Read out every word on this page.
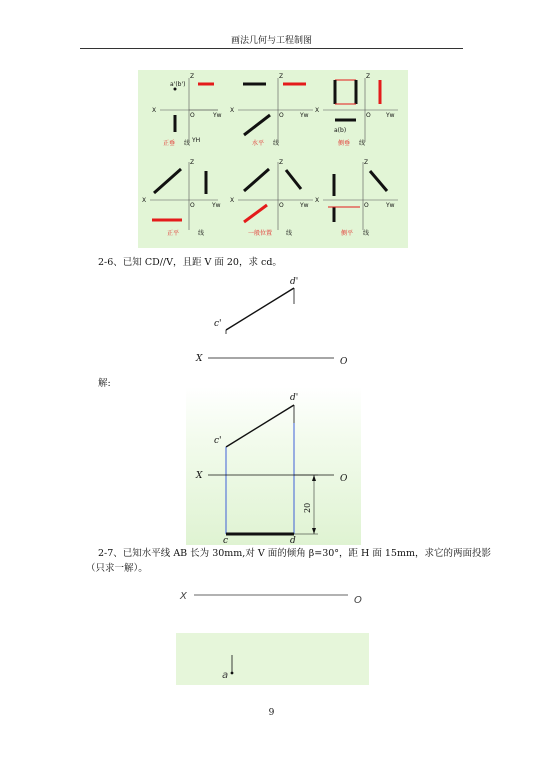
画法几何与工程制图
X
Z
O	Yw
YH
a'(b')
正垂 线
X
Z
O	Yw
水平 线
X
Z
O	Yw
a(b)
侧垂 线
X
Z
O	Yw
正平	线
X
Z
O	Yw
一般位置 线
X
Z
O	Yw
侧平 线
2-6、已知 CD//V，且距 V 面 20，求 cd。
c'
d'
X	O
解:
c'
d'
X	O
20
c	d
2-7、已知水平线 AB 长为 30mm,对 V 面的倾角 β=30°，距 H 面 15mm，求它的两面投影
（只求一解）。
X	O
a
9
